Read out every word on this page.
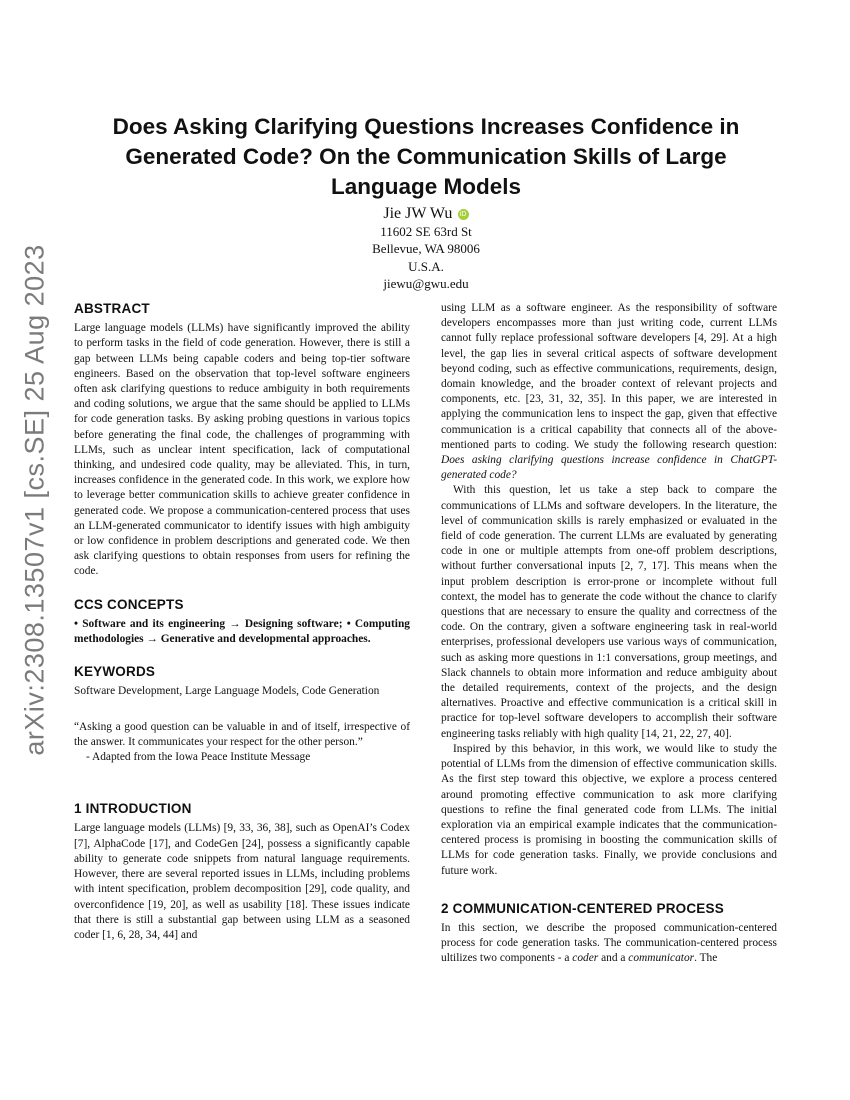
arXiv:2308.13507v1 [cs.SE] 25 Aug 2023
Does Asking Clarifying Questions Increases Confidence in Generated Code? On the Communication Skills of Large Language Models
Jie JW Wu iD
11602 SE 63rd St
Bellevue, WA 98006
U.S.A.
jiewu@gwu.edu
ABSTRACT

Large language models (LLMs) have significantly improved the ability to perform tasks in the field of code generation. However, there is still a gap between LLMs being capable coders and being top-tier software engineers. Based on the observation that top-level software engineers often ask clarifying questions to reduce ambiguity in both requirements and coding solutions, we argue that the same should be applied to LLMs for code generation tasks. By asking probing questions in various topics before generating the final code, the challenges of programming with LLMs, such as unclear intent specification, lack of computational thinking, and undesired code quality, may be alleviated. This, in turn, increases confidence in the generated code. In this work, we explore how to leverage better communication skills to achieve greater confidence in generated code. We propose a communication-centered process that uses an LLM-generated communicator to identify issues with high ambiguity or low confidence in problem descriptions and generated code. We then ask clarifying questions to obtain responses from users for refining the code.

CCS CONCEPTS

• Software and its engineering → Designing software; • Computing methodologies → Generative and developmental approaches.

KEYWORDS

Software Development, Large Language Models, Code Generation

“Asking a good question can be valuable in and of itself, irrespective of the answer. It communicates your respect for the other person.”

- Adapted from the Iowa Peace Institute Message

1 INTRODUCTION

Large language models (LLMs) [9, 33, 36, 38], such as OpenAI’s Codex [7], AlphaCode [17], and CodeGen [24], possess a significantly capable ability to generate code snippets from natural language requirements. However, there are several reported issues in LLMs, including problems with intent specification, problem decomposition [29], code quality, and overconfidence [19, 20], as well as usability [18]. These issues indicate that there is still a substantial gap between using LLM as a seasoned coder [1, 6, 28, 34, 44] and

using LLM as a software engineer. As the responsibility of software developers encompasses more than just writing code, current LLMs cannot fully replace professional software developers [4, 29]. At a high level, the gap lies in several critical aspects of software development beyond coding, such as effective communications, requirements, design, domain knowledge, and the broader context of relevant projects and components, etc. [23, 31, 32, 35]. In this paper, we are interested in applying the communication lens to inspect the gap, given that effective communication is a critical capability that connects all of the above-mentioned parts to coding. We study the following research question: Does asking clarifying questions increase confidence in ChatGPT-generated code?

With this question, let us take a step back to compare the communications of LLMs and software developers. In the literature, the level of communication skills is rarely emphasized or evaluated in the field of code generation. The current LLMs are evaluated by generating code in one or multiple attempts from one-off problem descriptions, without further conversational inputs [2, 7, 17]. This means when the input problem description is error-prone or incomplete without full context, the model has to generate the code without the chance to clarify questions that are necessary to ensure the quality and correctness of the code. On the contrary, given a software engineering task in real-world enterprises, professional developers use various ways of communication, such as asking more questions in 1:1 conversations, group meetings, and Slack channels to obtain more information and reduce ambiguity about the detailed requirements, context of the projects, and the design alternatives. Proactive and effective communication is a critical skill in practice for top-level software developers to accomplish their software engineering tasks reliably with high quality [14, 21, 22, 27, 40].

Inspired by this behavior, in this work, we would like to study the potential of LLMs from the dimension of effective communication skills. As the first step toward this objective, we explore a process centered around promoting effective communication to ask more clarifying questions to refine the final generated code from LLMs. The initial exploration via an empirical example indicates that the communication-centered process is promising in boosting the communication skills of LLMs for code generation tasks. Finally, we provide conclusions and future work.

2 COMMUNICATION-CENTERED PROCESS

In this section, we describe the proposed communication-centered process for code generation tasks. The communication-centered process ultilizes two components - a coder and a communicator. The
